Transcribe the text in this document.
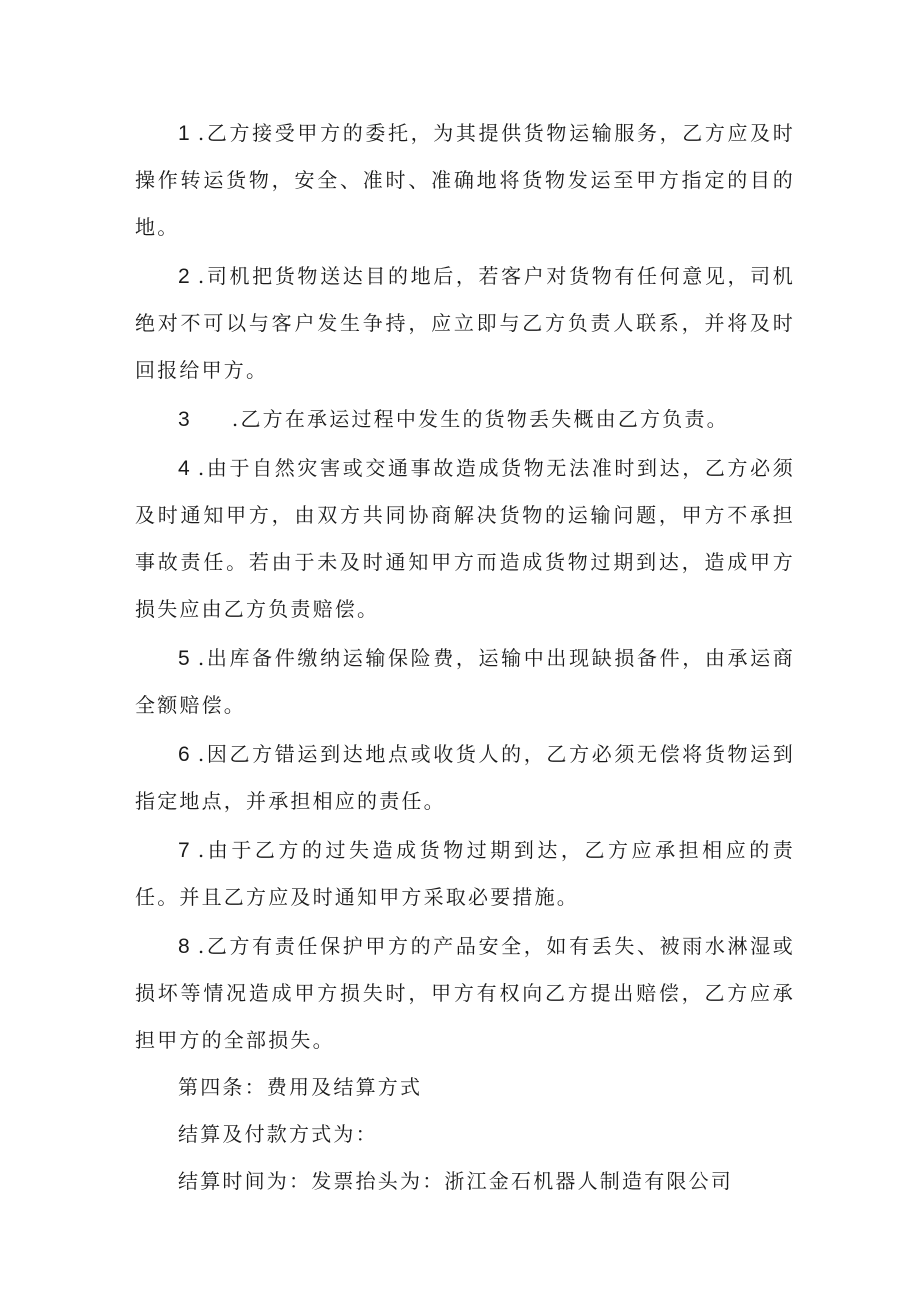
1 .乙方接受甲方的委托，为其提供货物运输服务，乙方应及时操作转运货物，安全、准时、准确地将货物发运至甲方指定的目的地。

2 .司机把货物送达目的地后，若客户对货物有任何意见，司机绝对不可以与客户发生争持，应立即与乙方负责人联系，并将及时回报给甲方。

3 .乙方在承运过程中发生的货物丢失概由乙方负责。

4 .由于自然灾害或交通事故造成货物无法准时到达，乙方必须及时通知甲方，由双方共同协商解决货物的运输问题，甲方不承担事故责任。若由于未及时通知甲方而造成货物过期到达，造成甲方损失应由乙方负责赔偿。

5 .出库备件缴纳运输保险费，运输中出现缺损备件，由承运商全额赔偿。

6 .因乙方错运到达地点或收货人的，乙方必须无偿将货物运到指定地点，并承担相应的责任。

7 .由于乙方的过失造成货物过期到达，乙方应承担相应的责任。并且乙方应及时通知甲方采取必要措施。

8 .乙方有责任保护甲方的产品安全，如有丢失、被雨水淋湿或损坏等情况造成甲方损失时，甲方有权向乙方提出赔偿，乙方应承担甲方的全部损失。

第四条：费用及结算方式

结算及付款方式为：

结算时间为：发票抬头为：浙江金石机器人制造有限公司
